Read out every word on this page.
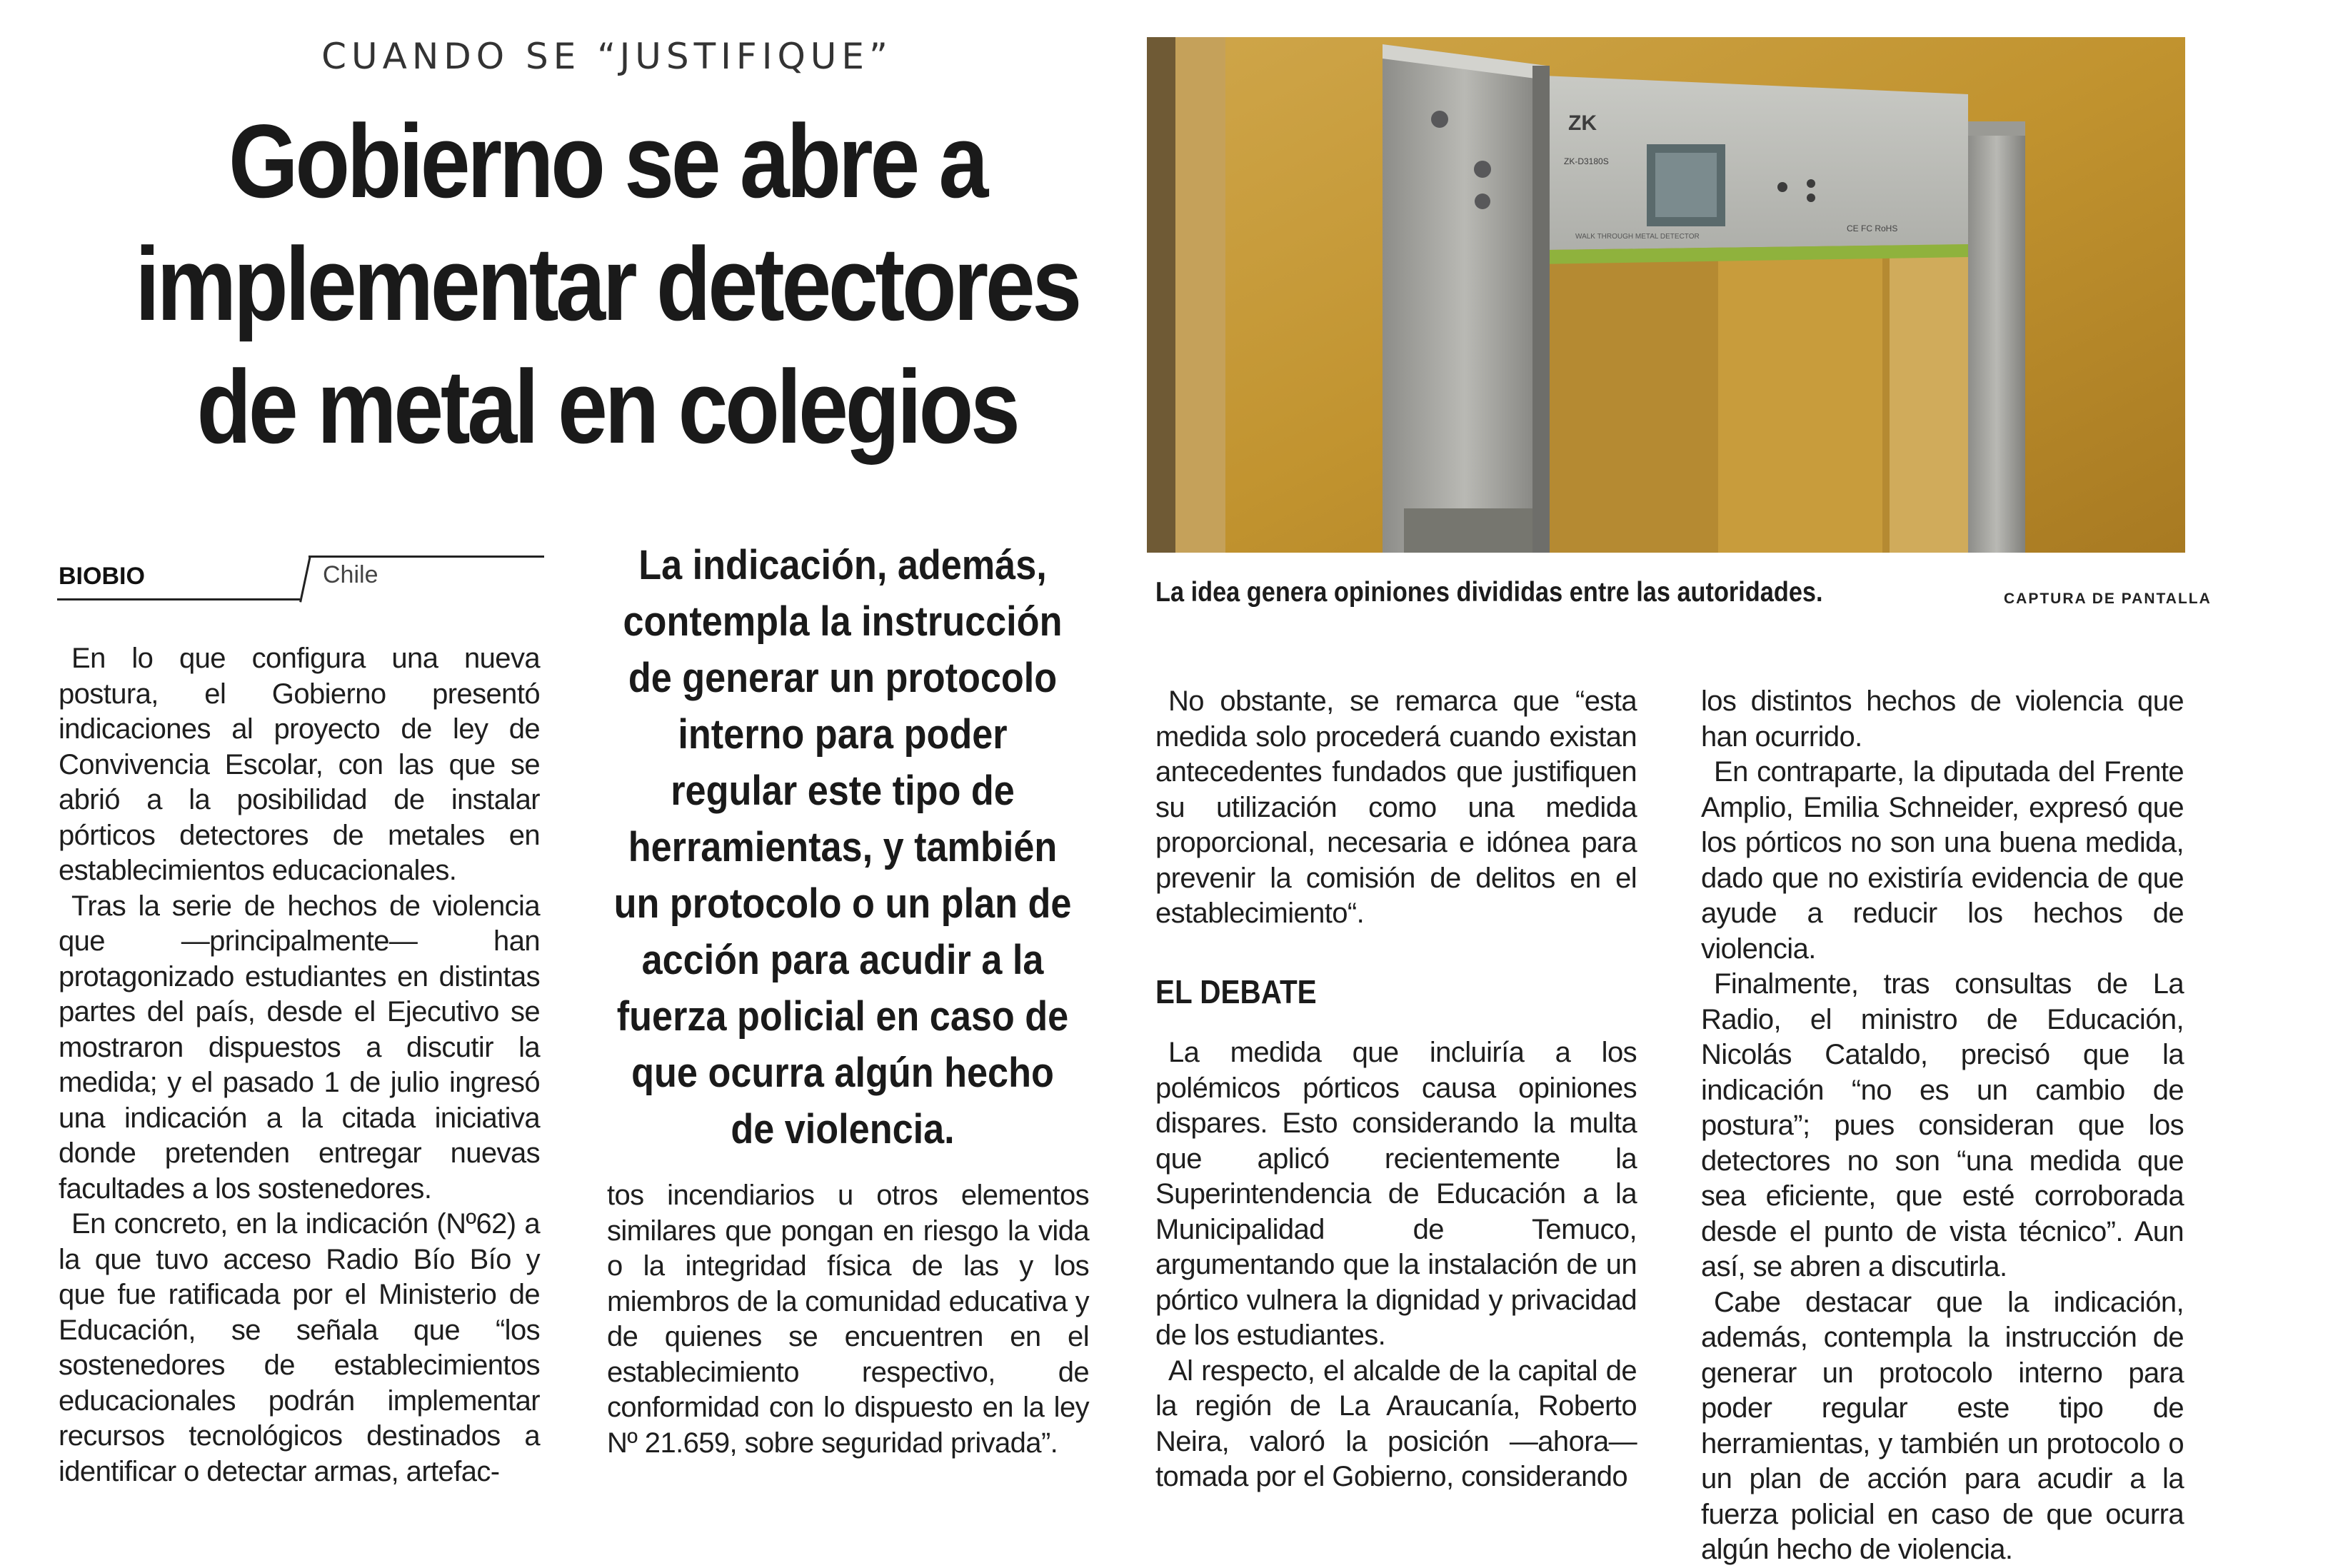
CUANDO SE “JUSTIFIQUE”
Gobierno se abre a implementar detectores de metal en colegios
ZK
ZK-D3180S
WALK THROUGH METAL DETECTOR
CE FC RoHS
La idea genera opiniones divididas entre las autoridades.	CAPTURA DE PANTALLA
BIOBIO	Chile

En lo que configura una nueva postura, el Gobierno presentó indicaciones al proyecto de ley de Convivencia Escolar, con las que se abrió a la posibilidad de instalar pórticos detectores de metales en establecimientos educacionales.

Tras la serie de hechos de violencia que —principalmente— han protagonizado estudiantes en distintas partes del país, desde el Ejecutivo se mostraron dispuestos a discutir la medida; y el pasado 1 de julio ingresó una indicación a la citada iniciativa donde pretenden entregar nuevas facultades a los sostenedores.

En concreto, en la indicación (Nº62) a la que tuvo acceso Radio Bío Bío y que fue ratificada por el Ministerio de Educación, se señala que “los sostenedores de establecimientos educacionales podrán implementar recursos tecnológicos destinados a identificar o detectar armas, artefac-

La indicación, además, contempla la instrucción de generar un protocolo interno para poder regular este tipo de herramientas, y también un protocolo o un plan de acción para acudir a la fuerza policial en caso de que ocurra algún hecho de violencia.

tos incendiarios u otros elementos similares que pongan en riesgo la vida o la integridad física de las y los miembros de la comunidad educativa y de quienes se encuentren en el establecimiento respectivo, de conformidad con lo dispuesto en la ley Nº 21.659, sobre seguridad privada”.

No obstante, se remarca que “esta medida solo procederá cuando existan antecedentes fundados que justifiquen su utilización como una medida proporcional, necesaria e idónea para prevenir la comisión de delitos en el establecimiento“.

EL DEBATE

La medida que incluiría a los polémicos pórticos causa opiniones dispares. Esto considerando la multa que aplicó recientemente la Superintendencia de Educación a la Municipalidad de Temuco, argumentando que la instalación de un pórtico vulnera la dignidad y privacidad de los estudiantes.

Al respecto, el alcalde de la capital de la región de La Araucanía, Roberto Neira, valoró la posición —ahora— tomada por el Gobierno, considerando

los distintos hechos de violencia que han ocurrido.

En contraparte, la diputada del Frente Amplio, Emilia Schneider, expresó que los pórticos no son una buena medida, dado que no existiría evidencia de que ayude a reducir los hechos de violencia.

Finalmente, tras consultas de La Radio, el ministro de Educación, Nicolás Cataldo, precisó que la indicación “no es un cambio de postura”; pues consideran que los detectores no son “una medida que sea eficiente, que esté corroborada desde el punto de vista técnico”. Aun así, se abren a discutirla.

Cabe destacar que la indicación, además, contempla la instrucción de generar un protocolo interno para poder regular este tipo de herramientas, y también un protocolo o un plan de acción para acudir a la fuerza policial en caso de que ocurra algún hecho de violencia.
